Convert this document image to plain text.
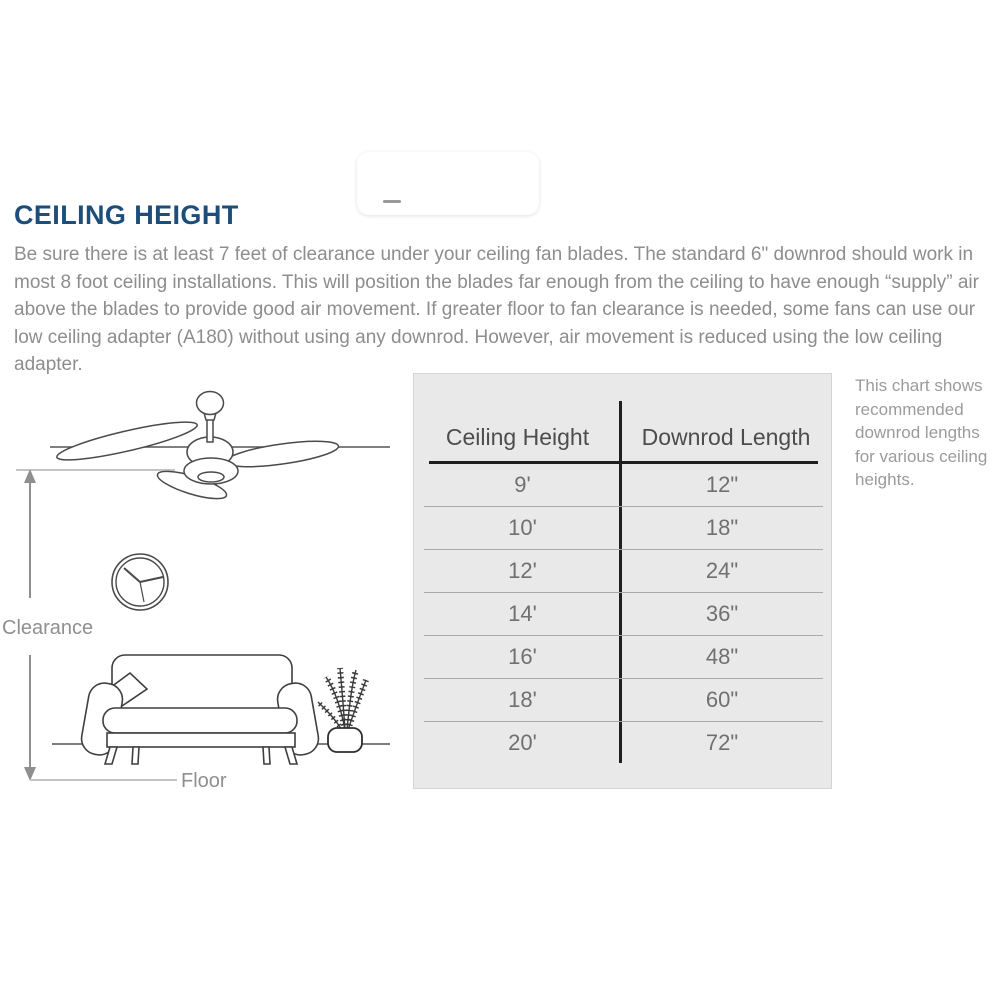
CEILING HEIGHT

Be sure there is at least 7 feet of clearance under your ceiling fan blades. The standard 6" downrod should work in most 8 foot ceiling installations. This will position the blades far enough from the ceiling to have enough “supply” air above the blades to provide good air movement. If greater floor to fan clearance is needed, some fans can use our low ceiling adapter (A180) without using any downrod. However, air movement is reduced using the low ceiling adapter.

Clearance
Floor
Ceiling Height	Downrod Length
9'	12"
10'	18"
12'	24"
14'	36"
16'	48"
18'	60"
20'	72"
This chart shows recommended downrod lengths for various ceiling heights.
